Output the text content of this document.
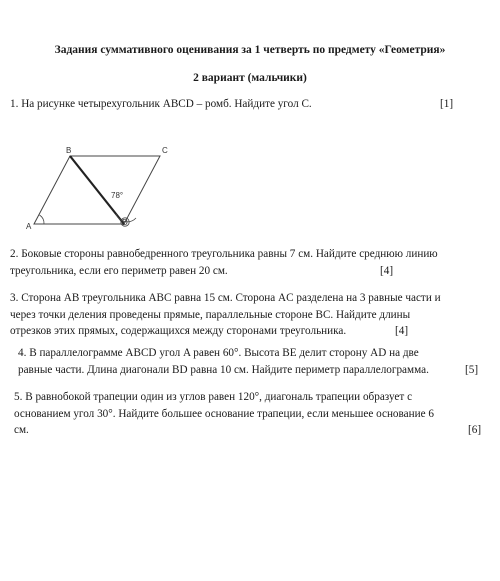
Задания суммативного оценивания за 1 четверть по предмету «Геометрия»
2 вариант (мальчики)
1. На рисунке четырехугольник ABCD – ромб. Найдите угол C.	[1]
A
B	C
D
78°
2. Боковые стороны равнобедренного треугольника равны 7 см. Найдите среднюю линию
треугольника, если его периметр равен 20 см.	[4]
3. Сторона AB треугольника ABC равна 15 см. Сторона AC разделена на 3 равные части и
через точки деления проведены прямые, параллельные стороне BC. Найдите длины
отрезков этих прямых, содержащихся между сторонами треугольника.	[4]
4. В параллелограмме ABCD угол A равен 60°. Высота BE делит сторону AD на две
равные части. Длина диагонали BD равна 10 см. Найдите периметр параллелограмма.	[5]
5. В равнобокой трапеции один из углов равен 120°, диагональ трапеции образует с
основанием угол 30°. Найдите большее основание трапеции, если меньшее основание 6
см.	[6]
